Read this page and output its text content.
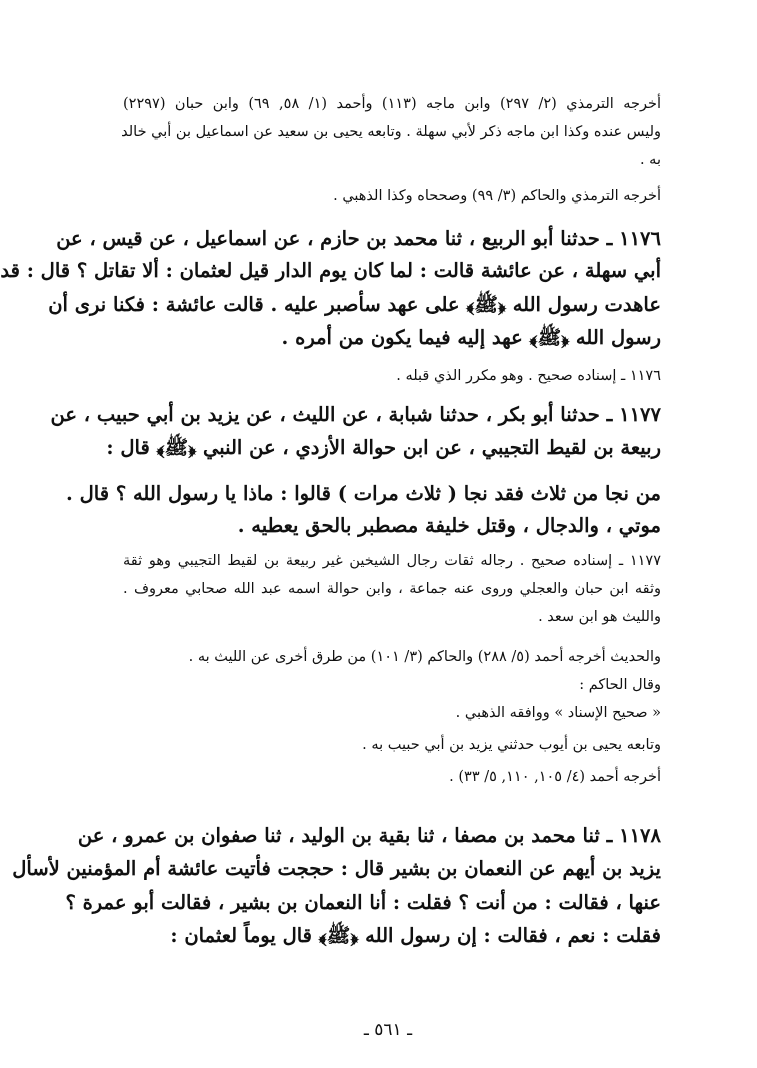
أخرجه الترمذي (٢/ ٢٩٧) وابن ماجه (١١٣) وأحمد (١/ ٥٨, ٦٩) وابن حبان (٢٢٩٧)
وليس عنده وكذا ابن ماجه ذكر لأبي سهلة . وتابعه يحيى بن سعيد عن اسماعيل بن أبي خالد
به .
أخرجه الترمذي والحاكم (٣/ ٩٩) وصححاه وكذا الذهبي .
١١٧٦ ـ حدثنا أبو الربيع ، ثنا محمد بن حازم ، عن اسماعيل ، عن قيس ، عن
أبي سهلة ، عن عائشة قالت : لما كان يوم الدار قيل لعثمان : ألا تقاتل ؟ قال : قد
عاهدت رسول الله ﴿ﷺ﴾ على عهد سأصبر عليه . قالت عائشة : فكنا نرى أن
رسول الله ﴿ﷺ﴾ عهد إليه فيما يكون من أمره .
١١٧٦ ـ إسناده صحيح . وهو مكرر الذي قبله .
١١٧٧ ـ حدثنا أبو بكر ، حدثنا شبابة ، عن الليث ، عن يزيد بن أبي حبيب ، عن
ربيعة بن لقيط التجيبي ، عن ابن حوالة الأزدي ، عن النبي ﴿ﷺ﴾ قال :
من نجا من ثلاث فقد نجا ( ثلاث مرات ) قالوا : ماذا يا رسول الله ؟ قال .
موتي ، والدجال ، وقتل خليفة مصطبر بالحق يعطيه .
١١٧٧ ـ إسناده صحيح . رجاله ثقات رجال الشيخين غير ربيعة بن لقيط التجيبي وهو ثقة
وثقه ابن حبان والعجلي وروى عنه جماعة ، وابن حوالة اسمه عبد الله صحابي معروف .
والليث هو ابن سعد .
والحديث أخرجه أحمد (٥/ ٢٨٨) والحاكم (٣/ ١٠١) من طرق أخرى عن الليث به .
وقال الحاكم :
« صحيح الإسناد » ووافقه الذهبي .
وتابعه يحيى بن أيوب حدثني يزيد بن أبي حبيب به .
أخرجه أحمد (٤/ ١٠٥, ١١٠, ٥/ ٣٣) .
١١٧٨ ـ ثنا محمد بن مصفا ، ثنا بقية بن الوليد ، ثنا صفوان بن عمرو ، عن
يزيد بن أيهم عن النعمان بن بشير قال : حججت فأتيت عائشة أم المؤمنين لأسأل
عنها ، فقالت : من أنت ؟ فقلت : أنا النعمان بن بشير ، فقالت أبو عمرة ؟
فقلت : نعم ، فقالت : إن رسول الله ﴿ﷺ﴾ قال يوماً لعثمان :
ـ ٥٦١ ـ
